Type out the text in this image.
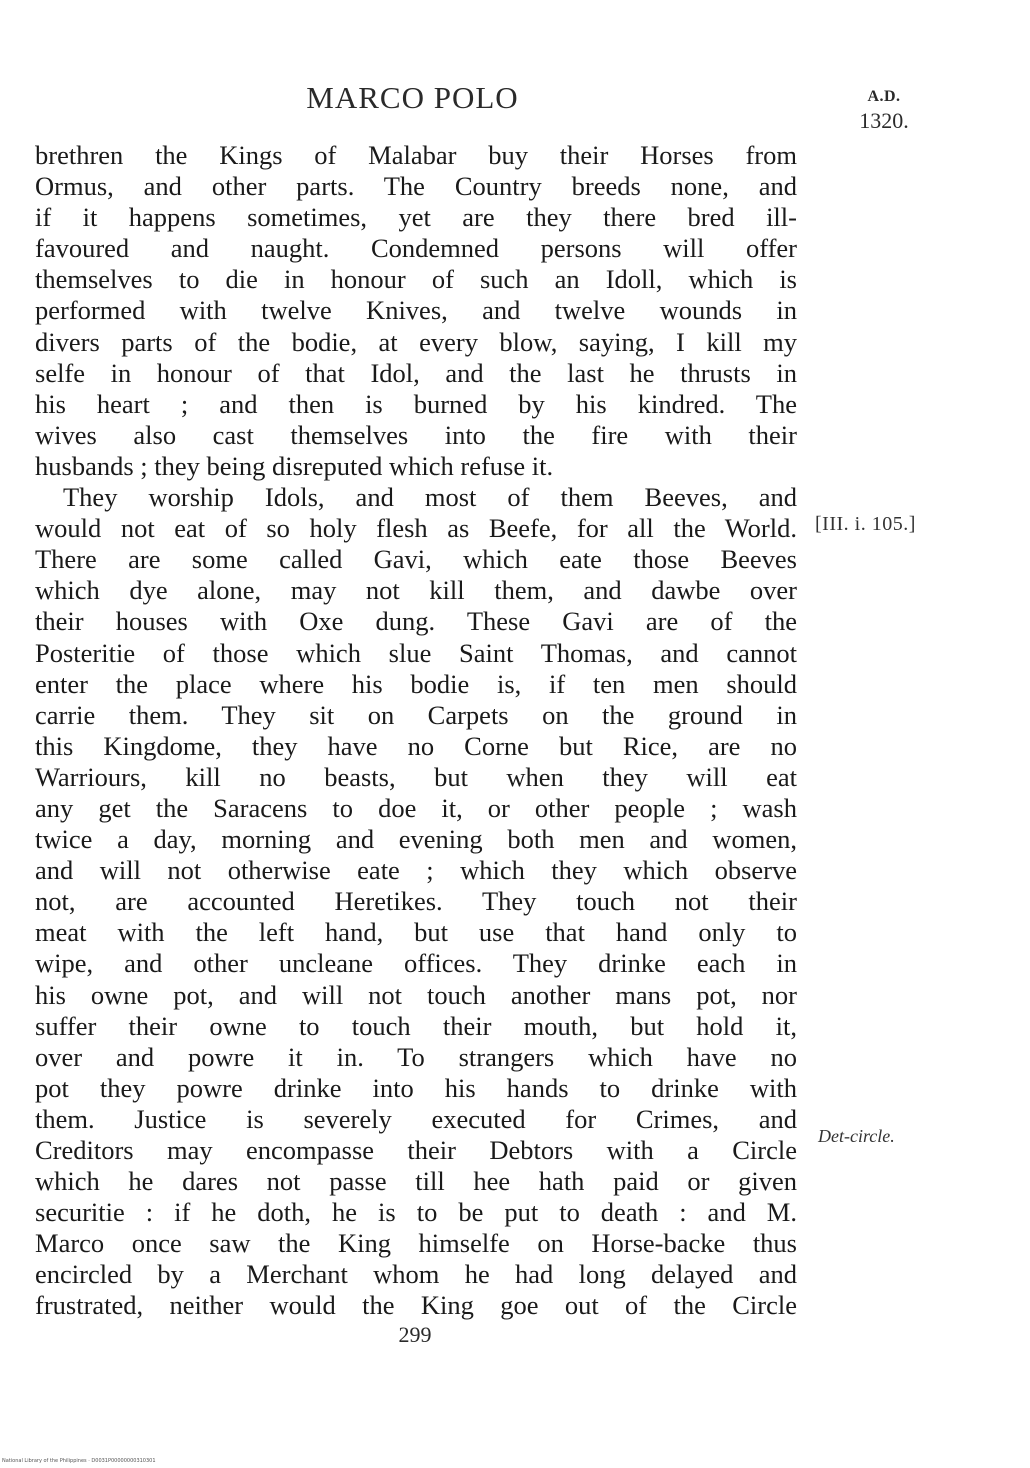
MARCO POLO	A.D.
1320.
brethren the Kings of Malabar buy their Horses from
Ormus, and other parts. The Country breeds none, and
if it happens sometimes, yet are they there bred ill-
favoured and naught. Condemned persons will offer
themselves to die in honour of such an Idoll, which is
performed with twelve Knives, and twelve wounds in
divers parts of the bodie, at every blow, saying, I kill my
selfe in honour of that Idol, and the last he thrusts in
his heart ; and then is burned by his kindred. The
wives also cast themselves into the fire with their
husbands ; they being disreputed which refuse it.
They worship Idols, and most of them Beeves, and
would not eat of so holy flesh as Beefe, for all the World.
There are some called Gavi, which eate those Beeves
which dye alone, may not kill them, and dawbe over
their houses with Oxe dung. These Gavi are of the
Posteritie of those which slue Saint Thomas, and cannot
enter the place where his bodie is, if ten men should
carrie them. They sit on Carpets on the ground in
this Kingdome, they have no Corne but Rice, are no
Warriours, kill no beasts, but when they will eat
any get the Saracens to doe it, or other people ; wash
twice a day, morning and evening both men and women,
and will not otherwise eate ; which they which observe
not, are accounted Heretikes. They touch not their
meat with the left hand, but use that hand only to
wipe, and other uncleane offices. They drinke each in
his owne pot, and will not touch another mans pot, nor
suffer their owne to touch their mouth, but hold it,
over and powre it in. To strangers which have no
pot they powre drinke into his hands to drinke with
them. Justice is severely executed for Crimes, and
Creditors may encompasse their Debtors with a Circle
which he dares not passe till hee hath paid or given
securitie : if he doth, he is to be put to death : and M.
Marco once saw the King himselfe on Horse-backe thus
encircled by a Merchant whom he had long delayed and
frustrated, neither would the King goe out of the Circle
[III. i. 105.]
Det-circle.
299
National Library of the Philippines · D0031P00000000310301
